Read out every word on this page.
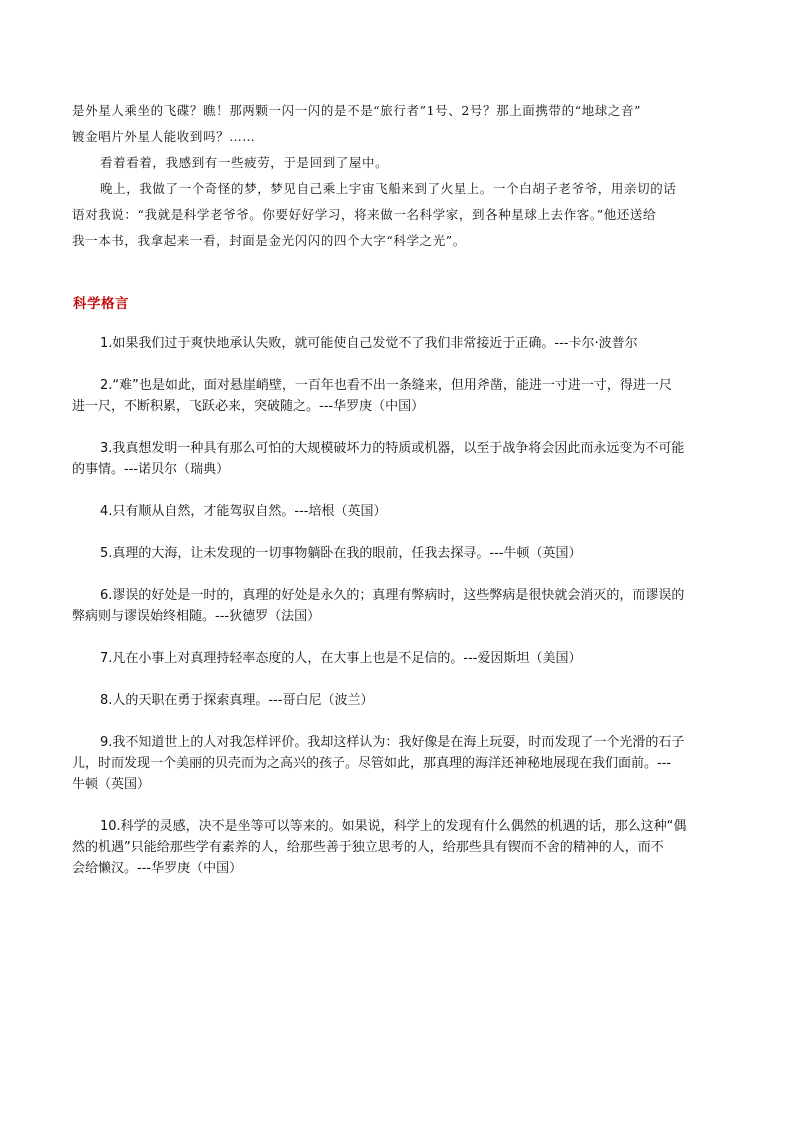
是外星人乘坐的飞碟？瞧！那两颗一闪一闪的是不是“旅行者”1号、2号？那上面携带的“地球之音”

镀金唱片外星人能收到吗？……

看着看着，我感到有一些疲劳，于是回到了屋中。

晚上，我做了一个奇怪的梦，梦见自己乘上宇宙飞船来到了火星上。一个白胡子老爷爷，用亲切的话

语对我说：“我就是科学老爷爷。你要好好学习，将来做一名科学家，到各种星球上去作客。”他还送给

我一本书，我拿起来一看，封面是金光闪闪的四个大字“科学之光”。

科学格言
1.如果我们过于爽快地承认失败，就可能使自己发觉不了我们非常接近于正确。---卡尔·波普尔
2.“难”也是如此，面对悬崖峭壁，一百年也看不出一条缝来，但用斧凿，能进一寸进一寸，得进一尺
进一尺，不断积累，飞跃必来，突破随之。---华罗庚（中国）
3.我真想发明一种具有那么可怕的大规模破坏力的特质或机器，以至于战争将会因此而永远变为不可能
的事情。---诺贝尔（瑞典）
4.只有顺从自然，才能驾驭自然。---培根（英国）
5.真理的大海，让未发现的一切事物躺卧在我的眼前，任我去探寻。---牛顿（英国）
6.谬误的好处是一时的，真理的好处是永久的；真理有弊病时，这些弊病是很快就会消灭的，而谬误的
弊病则与谬误始终相随。---狄德罗（法国）
7.凡在小事上对真理持轻率态度的人，在大事上也是不足信的。---爱因斯坦（美国）
8.人的天职在勇于探索真理。---哥白尼（波兰）
9.我不知道世上的人对我怎样评价。我却这样认为：我好像是在海上玩耍，时而发现了一个光滑的石子
儿，时而发现一个美丽的贝壳而为之高兴的孩子。尽管如此，那真理的海洋还神秘地展现在我们面前。---
牛顿（英国）
10.科学的灵感，决不是坐等可以等来的。如果说，科学上的发现有什么偶然的机遇的话，那么这种“偶
然的机遇”只能给那些学有素养的人，给那些善于独立思考的人，给那些具有锲而不舍的精神的人，而不
会给懒汉。---华罗庚（中国）
